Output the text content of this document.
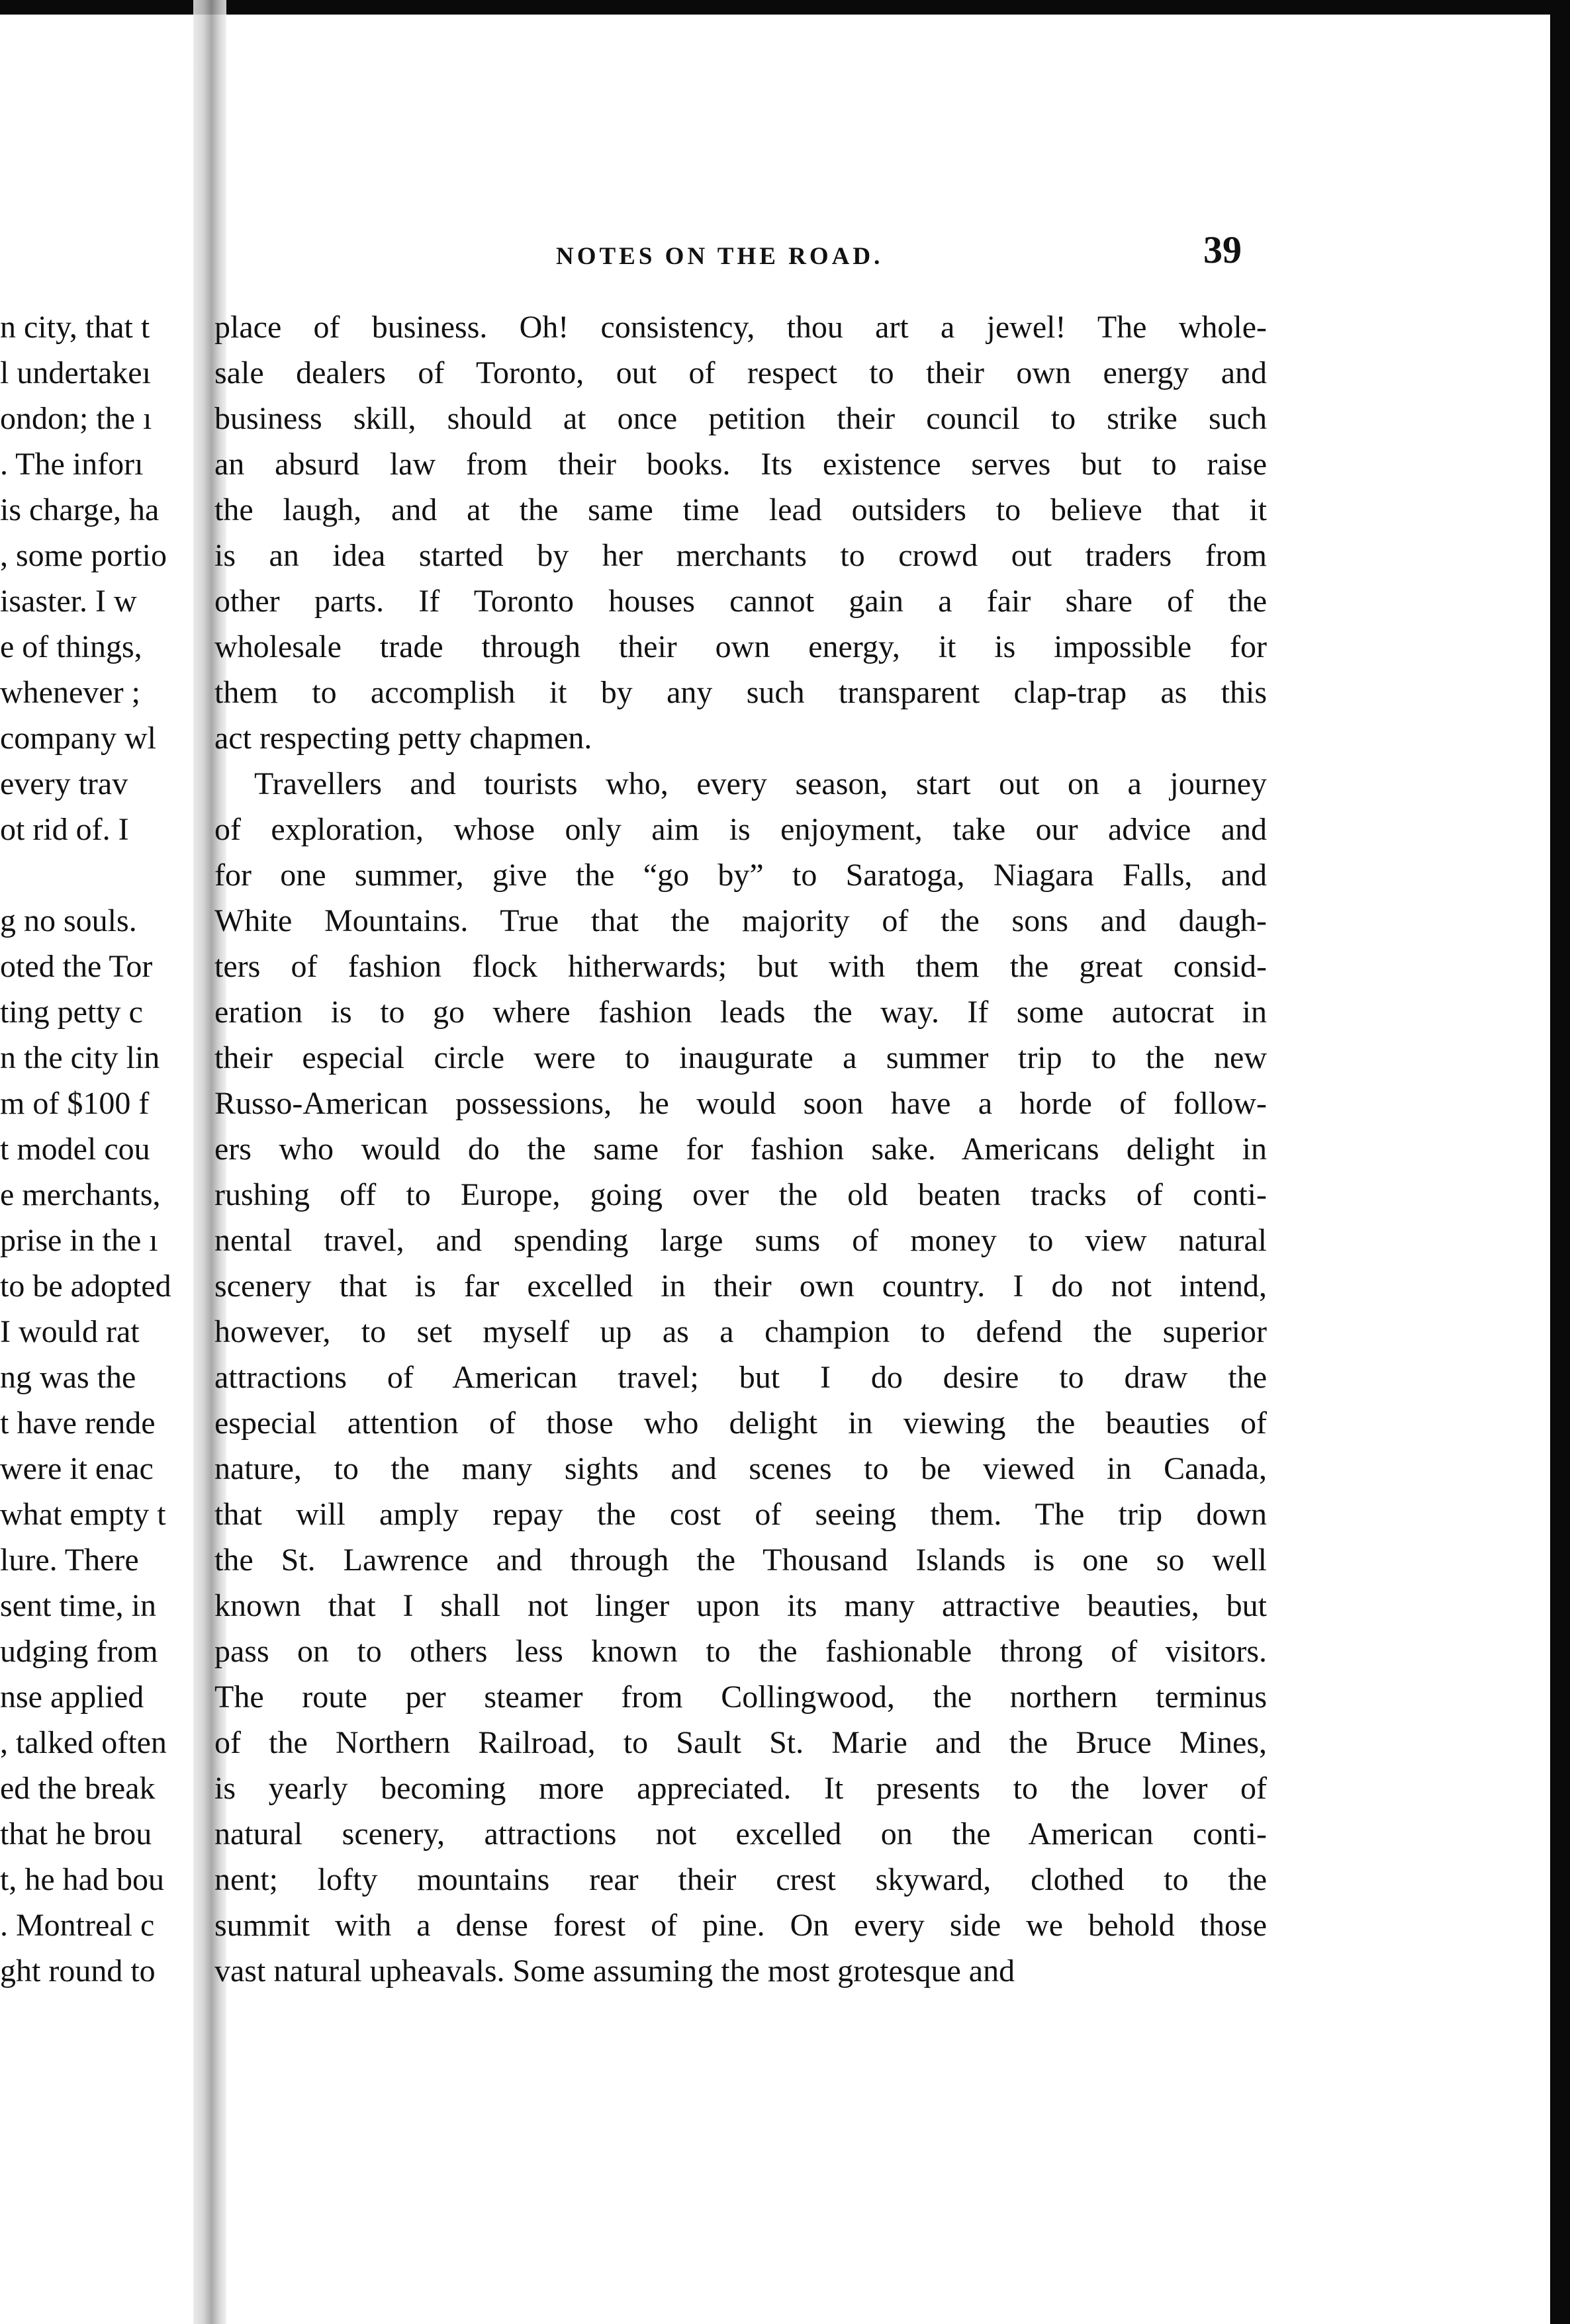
NOTES ON THE ROAD.	39
n city, that t
l undertakeı
ondon; the ı
. The inforı
is charge, ha
, some portio
isaster. I w
e of things,
whenever ;
company wl
every trav
ot rid of. I
g no souls.
oted the Tor
ting petty c
n the city lin
m of $100 f
t model cou
e merchants,
prise in the ı
to be adopted
I would rat
ng was the
t have rende
were it enac
what empty t
lure. There
sent time, in
udging from
nse applied
, talked often
ed the break
that he brou
t, he had bou
. Montreal c
ght round to
place of business. Oh! consistency, thou art a jewel! The whole-
sale dealers of Toronto, out of respect to their own energy and
business skill, should at once petition their council to strike such
an absurd law from their books. Its existence serves but to raise
the laugh, and at the same time lead outsiders to believe that it
is an idea started by her merchants to crowd out traders from
other parts. If Toronto houses cannot gain a fair share of the
wholesale trade through their own energy, it is impossible for
them to accomplish it by any such transparent clap-trap as this
act respecting petty chapmen.
Travellers and tourists who, every season, start out on a journey
of exploration, whose only aim is enjoyment, take our advice and
for one summer, give the “go by” to Saratoga, Niagara Falls, and
White Mountains. True that the majority of the sons and daugh-
ters of fashion flock hitherwards; but with them the great consid-
eration is to go where fashion leads the way. If some autocrat in
their especial circle were to inaugurate a summer trip to the new
Russo-American possessions, he would soon have a horde of follow-
ers who would do the same for fashion sake. Americans delight in
rushing off to Europe, going over the old beaten tracks of conti-
nental travel, and spending large sums of money to view natural
scenery that is far excelled in their own country. I do not intend,
however, to set myself up as a champion to defend the superior
attractions of American travel; but I do desire to draw the
especial attention of those who delight in viewing the beauties of
nature, to the many sights and scenes to be viewed in Canada,
that will amply repay the cost of seeing them. The trip down
the St. Lawrence and through the Thousand Islands is one so well
known that I shall not linger upon its many attractive beauties, but
pass on to others less known to the fashionable throng of visitors.
The route per steamer from Collingwood, the northern terminus
of the Northern Railroad, to Sault St. Marie and the Bruce Mines,
is yearly becoming more appreciated. It presents to the lover of
natural scenery, attractions not excelled on the American conti-
nent; lofty mountains rear their crest skyward, clothed to the
summit with a dense forest of pine. On every side we behold those
vast natural upheavals. Some assuming the most grotesque and
